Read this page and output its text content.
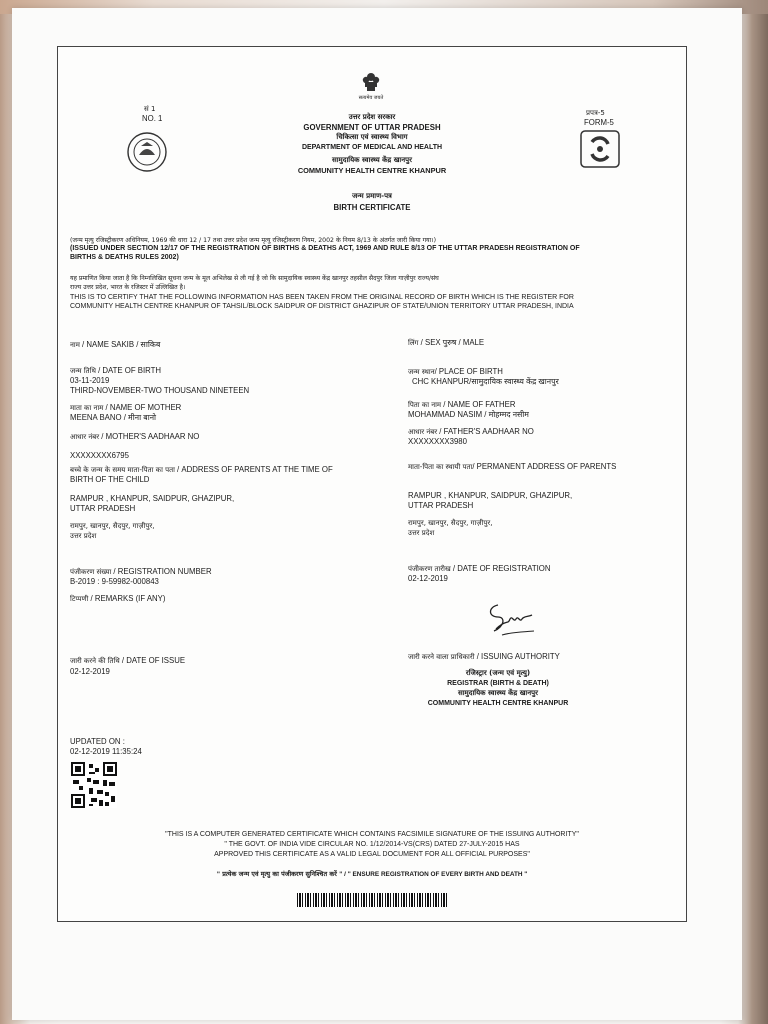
सत्यमेव जयते
सं 1
NO. 1
प्रपत्र-5
FORM-5
उत्तर प्रदेश सरकार
GOVERNMENT OF UTTAR PRADESH
चिकित्सा एवं स्वास्थ्य विभाग
DEPARTMENT OF MEDICAL AND HEALTH
सामुदायिक स्वास्थ्य केंद्र खानपुर
COMMUNITY HEALTH CENTRE KHANPUR
जन्म प्रमाण-पत्र
BIRTH CERTIFICATE
(जन्म मृत्यु रजिस्ट्रीकरण अधिनियम, 1969 की धारा 12 / 17 तथा उत्तर प्रदेश जन्म मृत्यु रजिस्ट्रीकरण नियम, 2002 के नियम 8/13 के अंतर्गत जारी किया गया।)
(ISSUED UNDER SECTION 12/17 OF THE REGISTRATION OF BIRTHS & DEATHS ACT, 1969 AND RULE 8/13 OF THE UTTAR PRADESH REGISTRATION OF
BIRTHS & DEATHS RULES 2002)
यह प्रमाणित किया जाता है कि निम्नलिखित सूचना जन्म के मूल अभिलेख से ली गई है जो कि सामुदायिक स्वास्थ्य केंद्र खानपुर तहसील सैदपुर जिला गाज़ीपुर राज्य/संघ
राज्य उत्तर प्रदेश, भारत के रजिस्टर में उल्लिखित है।
THIS IS TO CERTIFY THAT THE FOLLOWING INFORMATION HAS BEEN TAKEN FROM THE ORIGINAL RECORD OF BIRTH WHICH IS THE REGISTER FOR
COMMUNITY HEALTH CENTRE KHANPUR OF TAHSIL/BLOCK SAIDPUR OF DISTRICT GHAZIPUR OF STATE/UNION TERRITORY UTTAR PRADESH, INDIA
नाम / NAME SAKIB / साकिब
जन्म तिथि / DATE OF BIRTH
03-11-2019
THIRD-NOVEMBER-TWO THOUSAND NINETEEN
माता का नाम / NAME OF MOTHER
MEENA BANO / मीना बानो
आधार नंबर / MOTHER'S AADHAAR NO
XXXXXXXX6795
बच्चे के जन्म के समय माता-पिता का पता / ADDRESS OF PARENTS AT THE TIME OF
BIRTH OF THE CHILD
RAMPUR , KHANPUR, SAIDPUR, GHAZIPUR,
UTTAR PRADESH
रामपुर, खानपुर, सैदपुर, गाज़ीपुर,
उत्तर प्रदेश
पंजीकरण संख्या / REGISTRATION NUMBER
B-2019 : 9-59982-000843
टिप्पणी / REMARKS (IF ANY)
जारी करने की तिथि / DATE OF ISSUE
02-12-2019
लिंग / SEX पुरुष / MALE
जन्म स्थान/ PLACE OF BIRTH
CHC KHANPUR/सामुदायिक स्वास्थ्य केंद्र खानपुर
पिता का नाम / NAME OF FATHER
MOHAMMAD NASIM / मोहम्मद नसीम
आधार नंबर / FATHER'S AADHAAR NO
XXXXXXXX3980
माता-पिता का स्थायी पता/ PERMANENT ADDRESS OF PARENTS
RAMPUR , KHANPUR, SAIDPUR, GHAZIPUR,
UTTAR PRADESH
रामपुर, खानपुर, सैदपुर, गाज़ीपुर,
उत्तर प्रदेश
पंजीकरण तारीख / DATE OF REGISTRATION
02-12-2019
जारी करने वाला प्राधिकारी / ISSUING AUTHORITY
रजिस्ट्रार (जन्म एवं मृत्यु)
REGISTRAR (BIRTH & DEATH)
सामुदायिक स्वास्थ्य केंद्र खानपुर
COMMUNITY HEALTH CENTRE KHANPUR
UPDATED ON :
02-12-2019 11:35:24
"THIS IS A COMPUTER GENERATED CERTIFICATE WHICH CONTAINS FACSIMILE SIGNATURE OF THE ISSUING AUTHORITY"
" THE GOVT. OF INDIA VIDE CIRCULAR NO. 1/12/2014-VS(CRS) DATED 27-JULY-2015 HAS
APPROVED THIS CERTIFICATE AS A VALID LEGAL DOCUMENT FOR ALL OFFICIAL PURPOSES"
" प्रत्येक जन्म एवं मृत्यु का पंजीकरण सुनिश्चित करें " / " ENSURE REGISTRATION OF EVERY BIRTH AND DEATH "
